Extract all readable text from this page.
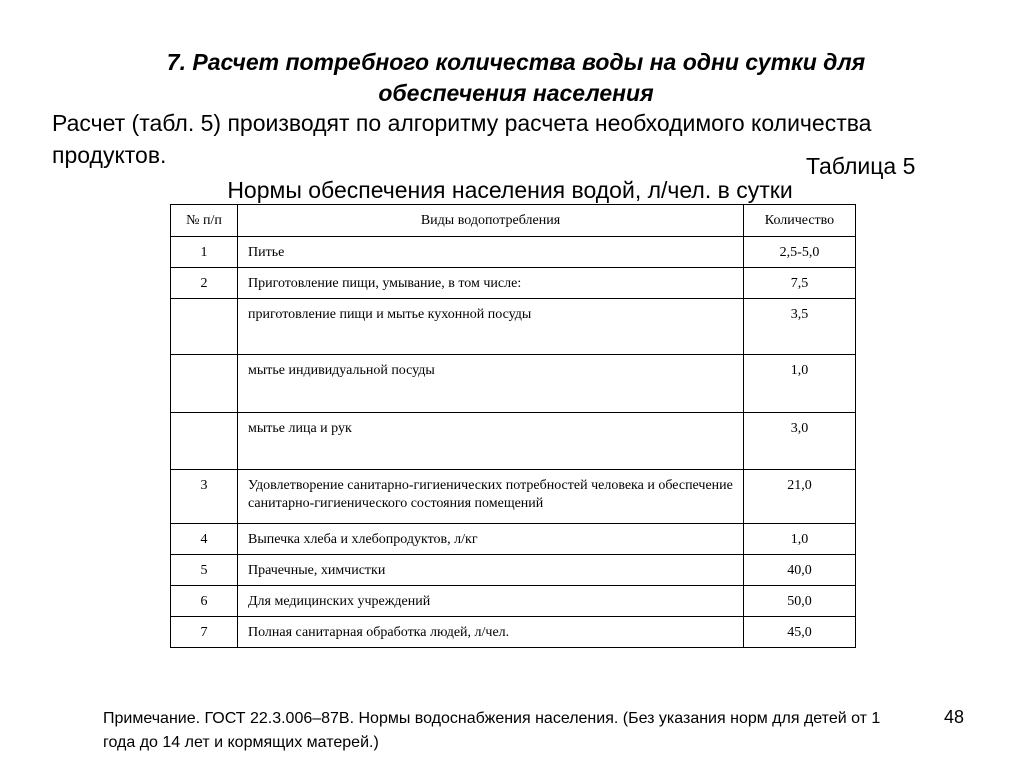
7. Расчет потребного количества воды на одни сутки для
обеспечения населения
Расчет (табл. 5) производят по алгоритму расчета необходимого количества продуктов.	Таблица 5
Нормы обеспечения населения водой, л/чел. в сутки
№ п/п	Виды водопотребления	Количество
1	Питье	2,5-5,0
2	Приготовление пищи, умывание, в том числе:	7,5
	приготовление пищи и мытье кухонной посуды	3,5
	мытье индивидуальной посуды	1,0
	мытье лица и рук	3,0
3	Удовлетворение санитарно-гигиенических потребностей человека и обеспечение санитарно-гигиенического состояния помещений	21,0
4	Выпечка хлеба и хлебопродуктов, л/кг	1,0
5	Прачечные, химчистки	40,0
6	Для медицинских учреждений	50,0
7	Полная санитарная обработка людей, л/чел.	45,0
Примечание. ГОСТ 22.3.006–87В. Нормы водоснабжения населения. (Без указания норм для детей от 1 года до 14 лет и кормящих матерей.)
48
